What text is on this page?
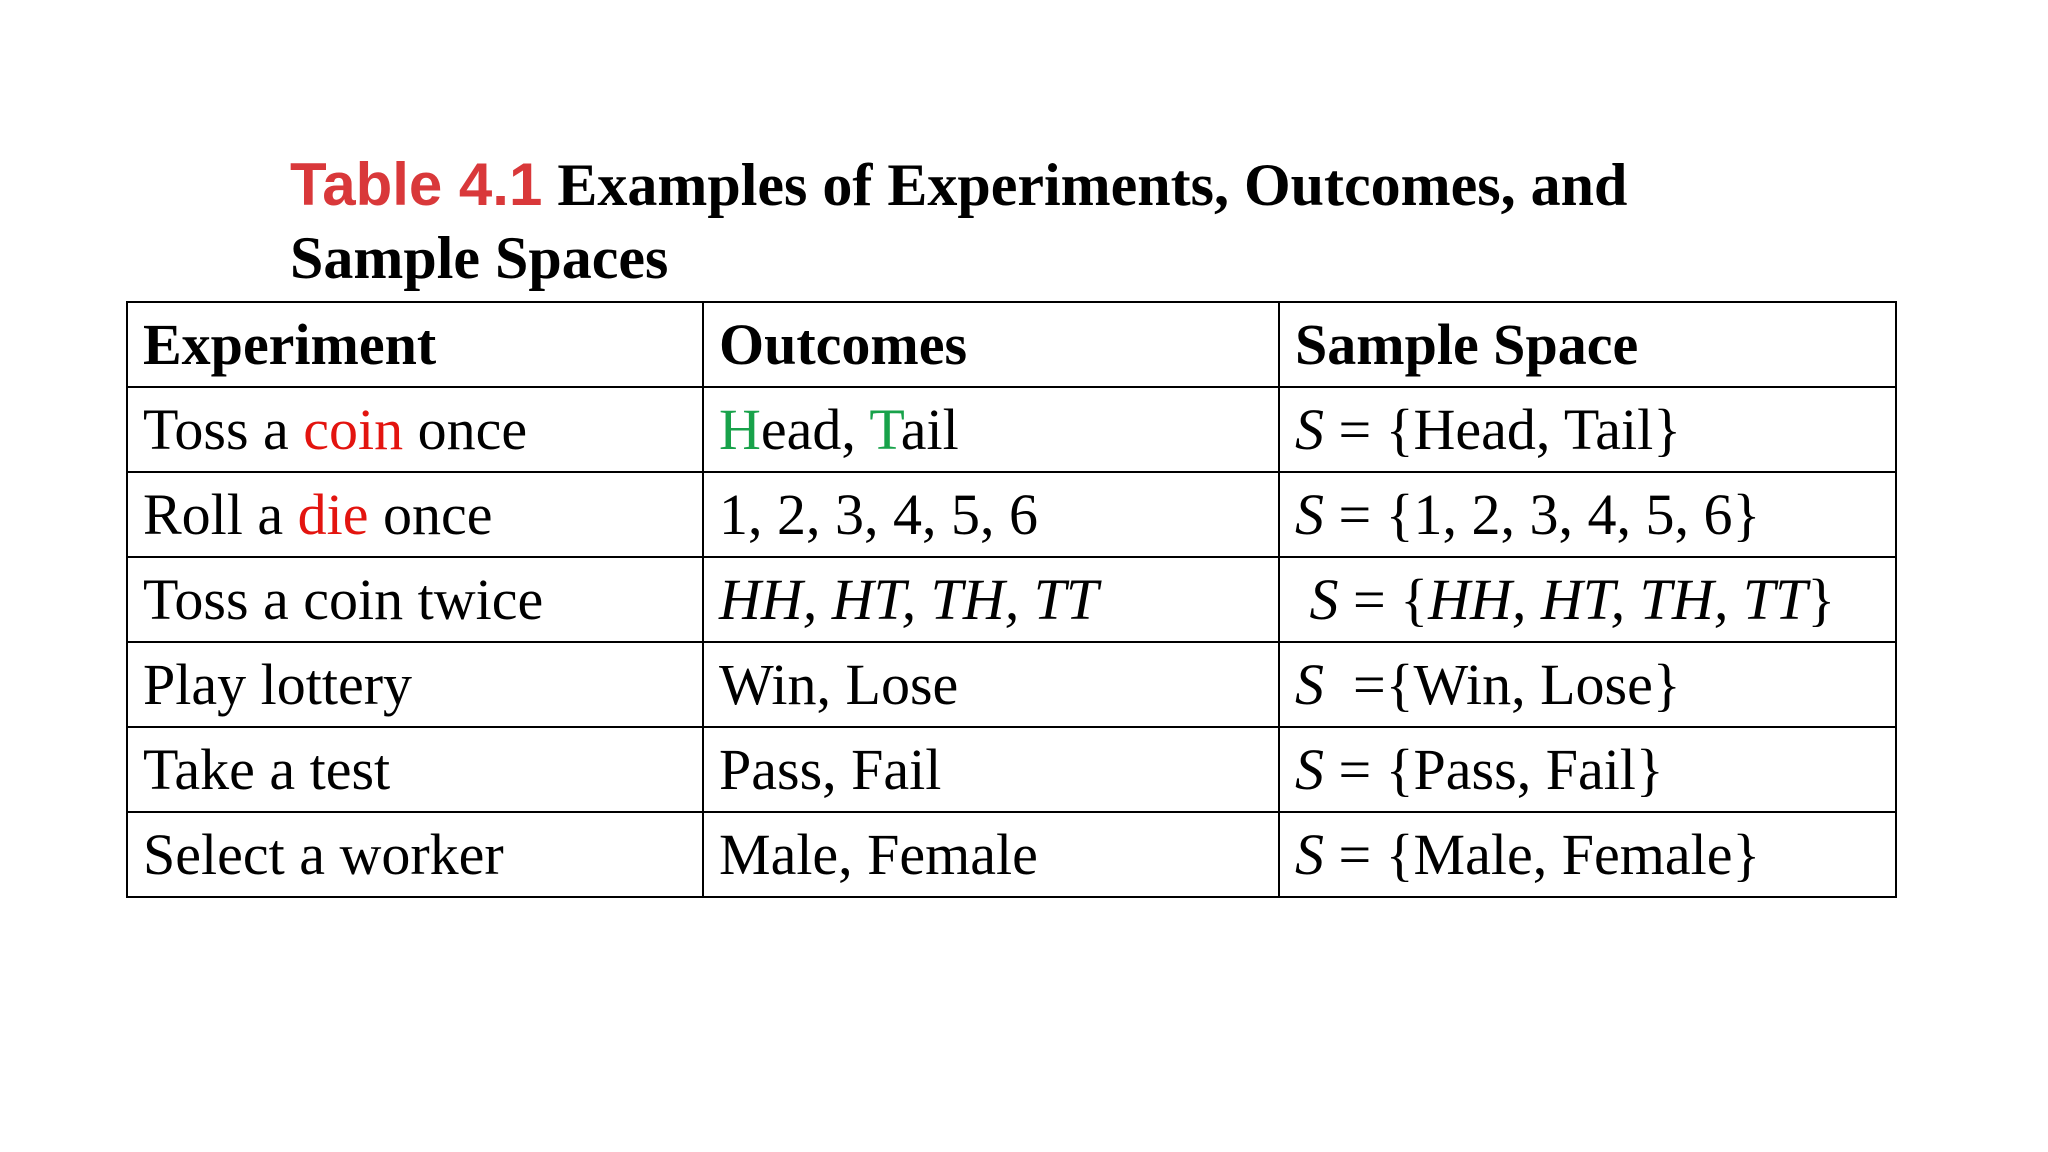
Table 4.1 Examples of Experiments, Outcomes, and
Sample Spaces
Experiment	Outcomes	Sample Space
Toss a coin once	Head, Tail	S = {Head, Tail}
Roll a die once	1, 2, 3, 4, 5, 6	S = {1, 2, 3, 4, 5, 6}
Toss a coin twice	HH, HT, TH, TT	S = {HH, HT, TH, TT}
Play lottery	Win, Lose	S  ={Win, Lose}
Take a test	Pass, Fail	S = {Pass, Fail}
Select a worker	Male, Female	S = {Male, Female}
